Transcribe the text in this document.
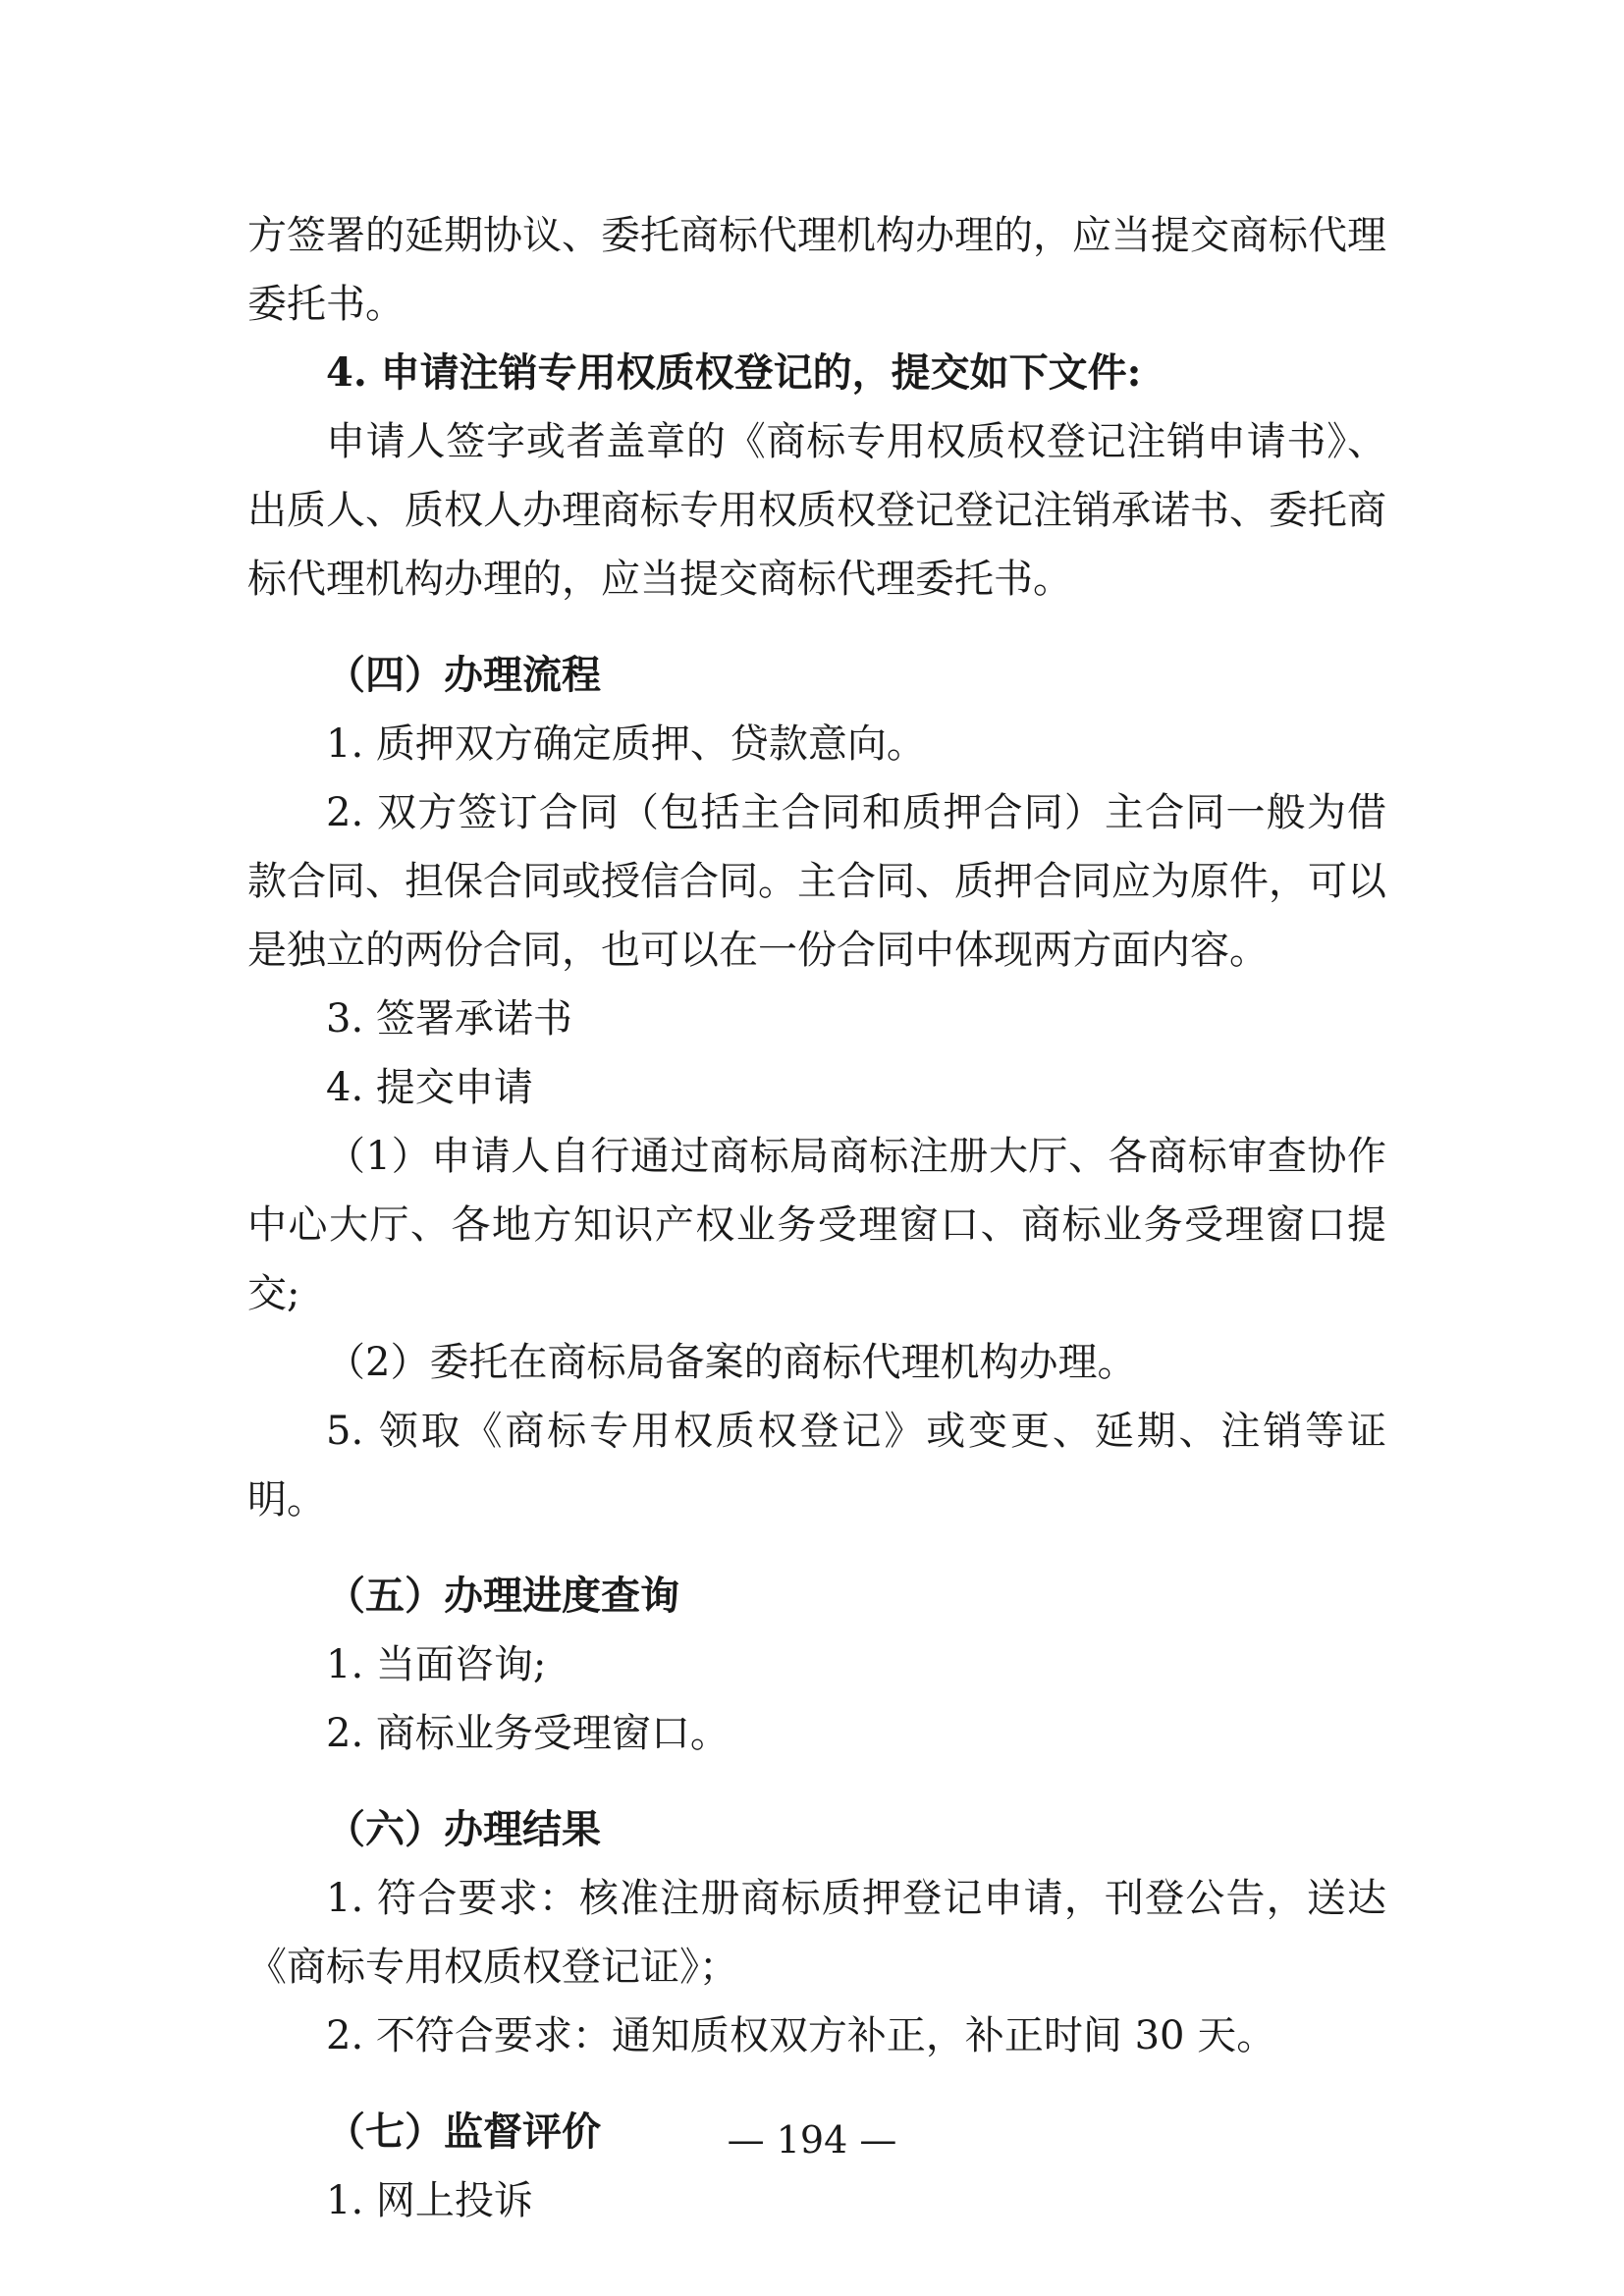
方签署的延期协议、委托商标代理机构办理的，应当提交商标代理委托书。

4. 申请注销专用权质权登记的，提交如下文件:

申请人签字或者盖章的《商标专用权质权登记注销申请书》、出质人、质权人办理商标专用权质权登记登记注销承诺书、委托商标代理机构办理的，应当提交商标代理委托书。

（四）办理流程

1. 质押双方确定质押、贷款意向。

2. 双方签订合同（包括主合同和质押合同）主合同一般为借款合同、担保合同或授信合同。主合同、质押合同应为原件，可以是独立的两份合同，也可以在一份合同中体现两方面内容。

3. 签署承诺书

4. 提交申请

（1）申请人自行通过商标局商标注册大厅、各商标审查协作中心大厅、各地方知识产权业务受理窗口、商标业务受理窗口提交;

（2）委托在商标局备案的商标代理机构办理。

5. 领取《商标专用权质权登记》或变更、延期、注销等证明。

（五）办理进度查询

1. 当面咨询;

2. 商标业务受理窗口。

（六）办理结果

1. 符合要求：核准注册商标质押登记申请，刊登公告，送达《商标专用权质权登记证》；

2. 不符合要求：通知质权双方补正，补正时间 30 天。

（七）监督评价

1. 网上投诉

— 194 —
